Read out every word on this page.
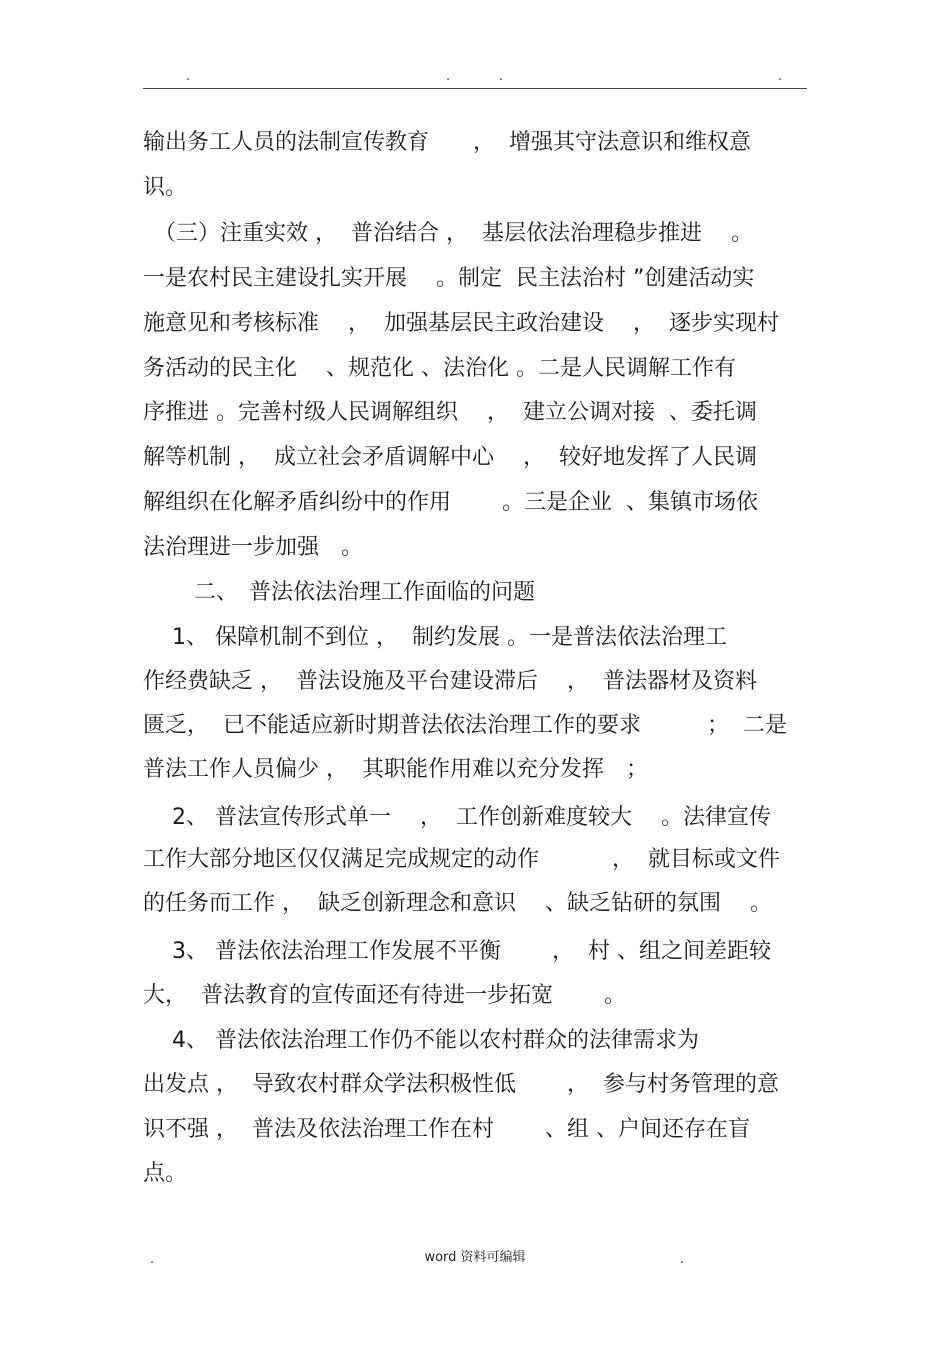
.	.	.	.
输出务工人员的法制宣传教育　　，  增强其守法意识和维权意
识。
　（三）注重实效 ，  普治结合 ，  基层依法治理稳步推进　 。
一是农村民主建设扎实开展　 。制定  民主法治村 ”创建活动实
施意见和考核标准　 ，  加强基层民主政治建设　 ，  逐步实现村
务活动的民主化　 、规范化 、法治化 。二是人民调解工作有
序推进 。完善村级人民调解组织　 ，  建立公调对接  、委托调
解等机制 ，  成立社会矛盾调解中心　 ，  较好地发挥了人民调
解组织在化解矛盾纠纷中的作用　　 。三是企业  、集镇市场依
法治理进一步加强　。
　　 二、　普法依法治理工作面临的问题
　 1、 保障机制不到位 ，  制约发展 。一是普法依法治理工
作经费缺乏 ，  普法设施及平台建设滞后　 ，  普法器材及资料
匮乏，  已不能适应新时期普法依法治理工作的要求　　　；  二是
普法工作人员偏少 ，  其职能作用难以充分发挥　；
　 2、 普法宣传形式单一　 ，  工作创新难度较大　 。法律宣传
工作大部分地区仅仅满足完成规定的动作　　　 ，  就目标或文件
的任务而工作 ，  缺乏创新理念和意识　 、缺乏钻研的氛围　 。
　 3、 普法依法治理工作发展不平衡　　 ，  村 、组之间差距较
大，  普法教育的宣传面还有待进一步拓宽　　 。
　 4、 普法依法治理工作仍不能以农村群众的法律需求为
出发点 ，  导致农村群众学法积极性低　　 ，  参与村务管理的意
识不强 ，  普法及依法治理工作在村　　 、组 、户间还存在盲
点。
.	word 资料可编辑	.
